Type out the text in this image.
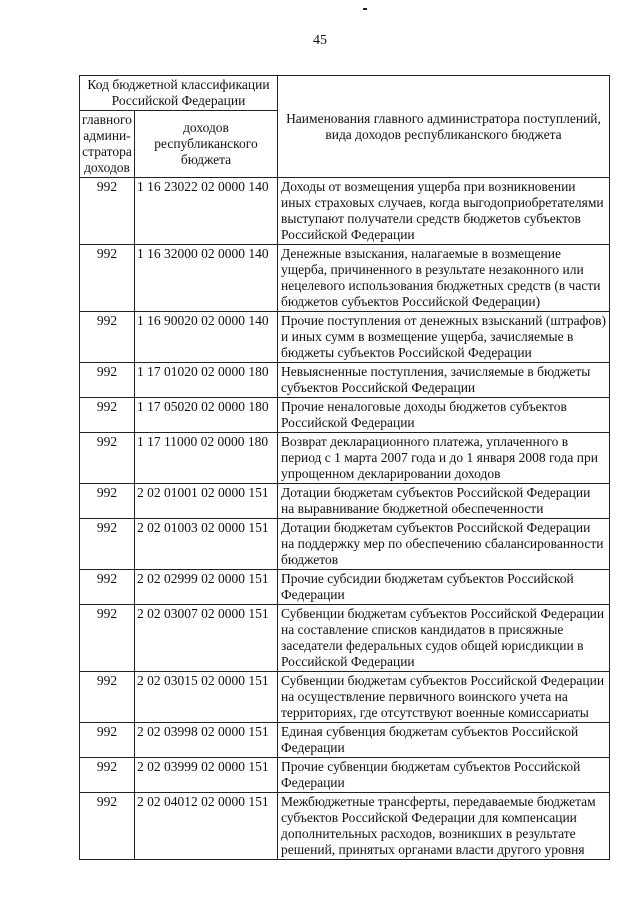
45
Код бюджетной классификации Российской Федерации		Наименования главного администратора поступлений, вида доходов республиканского бюджета
главного админи-стратора доходов	доходов республиканского бюджета	
992	1 16 23022 02 0000 140	Доходы от возмещения ущерба при возникновении иных страховых случаев, когда выгодоприобретателями выступают получатели средств бюджетов субъектов Российской Федерации
992	1 16 32000 02 0000 140	Денежные взыскания, налагаемые в возмещение ущерба, причиненного в результате незаконного или нецелевого использования бюджетных средств (в части бюджетов субъектов Российской Федерации)
992	1 16 90020 02 0000 140	Прочие поступления от денежных взысканий (штрафов) и иных сумм в возмещение ущерба, зачисляемые в бюджеты субъектов Российской Федерации
992	1 17 01020 02 0000 180	Невыясненные поступления, зачисляемые в бюджеты субъектов Российской Федерации
992	1 17 05020 02 0000 180	Прочие неналоговые доходы бюджетов субъектов Российской Федерации
992	1 17 11000 02 0000 180	Возврат декларационного платежа, уплаченного в период с 1 марта 2007 года и до 1 января 2008 года при упрощенном декларировании доходов
992	2 02 01001 02 0000 151	Дотации бюджетам субъектов Российской Федерации на выравнивание бюджетной обеспеченности
992	2 02 01003 02 0000 151	Дотации бюджетам субъектов Российской Федерации на поддержку мер по обеспечению сбалансированности бюджетов
992	2 02 02999 02 0000 151	Прочие субсидии бюджетам субъектов Российской Федерации
992	2 02 03007 02 0000 151	Субвенции бюджетам субъектов Российской Федерации на составление списков кандидатов в присяжные заседатели федеральных судов общей юрисдикции в Российской Федерации
992	2 02 03015 02 0000 151	Субвенции бюджетам субъектов Российской Федерации на осуществление первичного воинского учета на территориях, где отсутствуют военные комиссариаты
992	2 02 03998 02 0000 151	Единая субвенция бюджетам субъектов Российской Федерации
992	2 02 03999 02 0000 151	Прочие субвенции бюджетам субъектов Российской Федерации
992	2 02 04012 02 0000 151	Межбюджетные трансферты, передаваемые бюджетам субъектов Российской Федерации для компенсации дополнительных расходов, возникших в результате решений, принятых органами власти другого уровня
